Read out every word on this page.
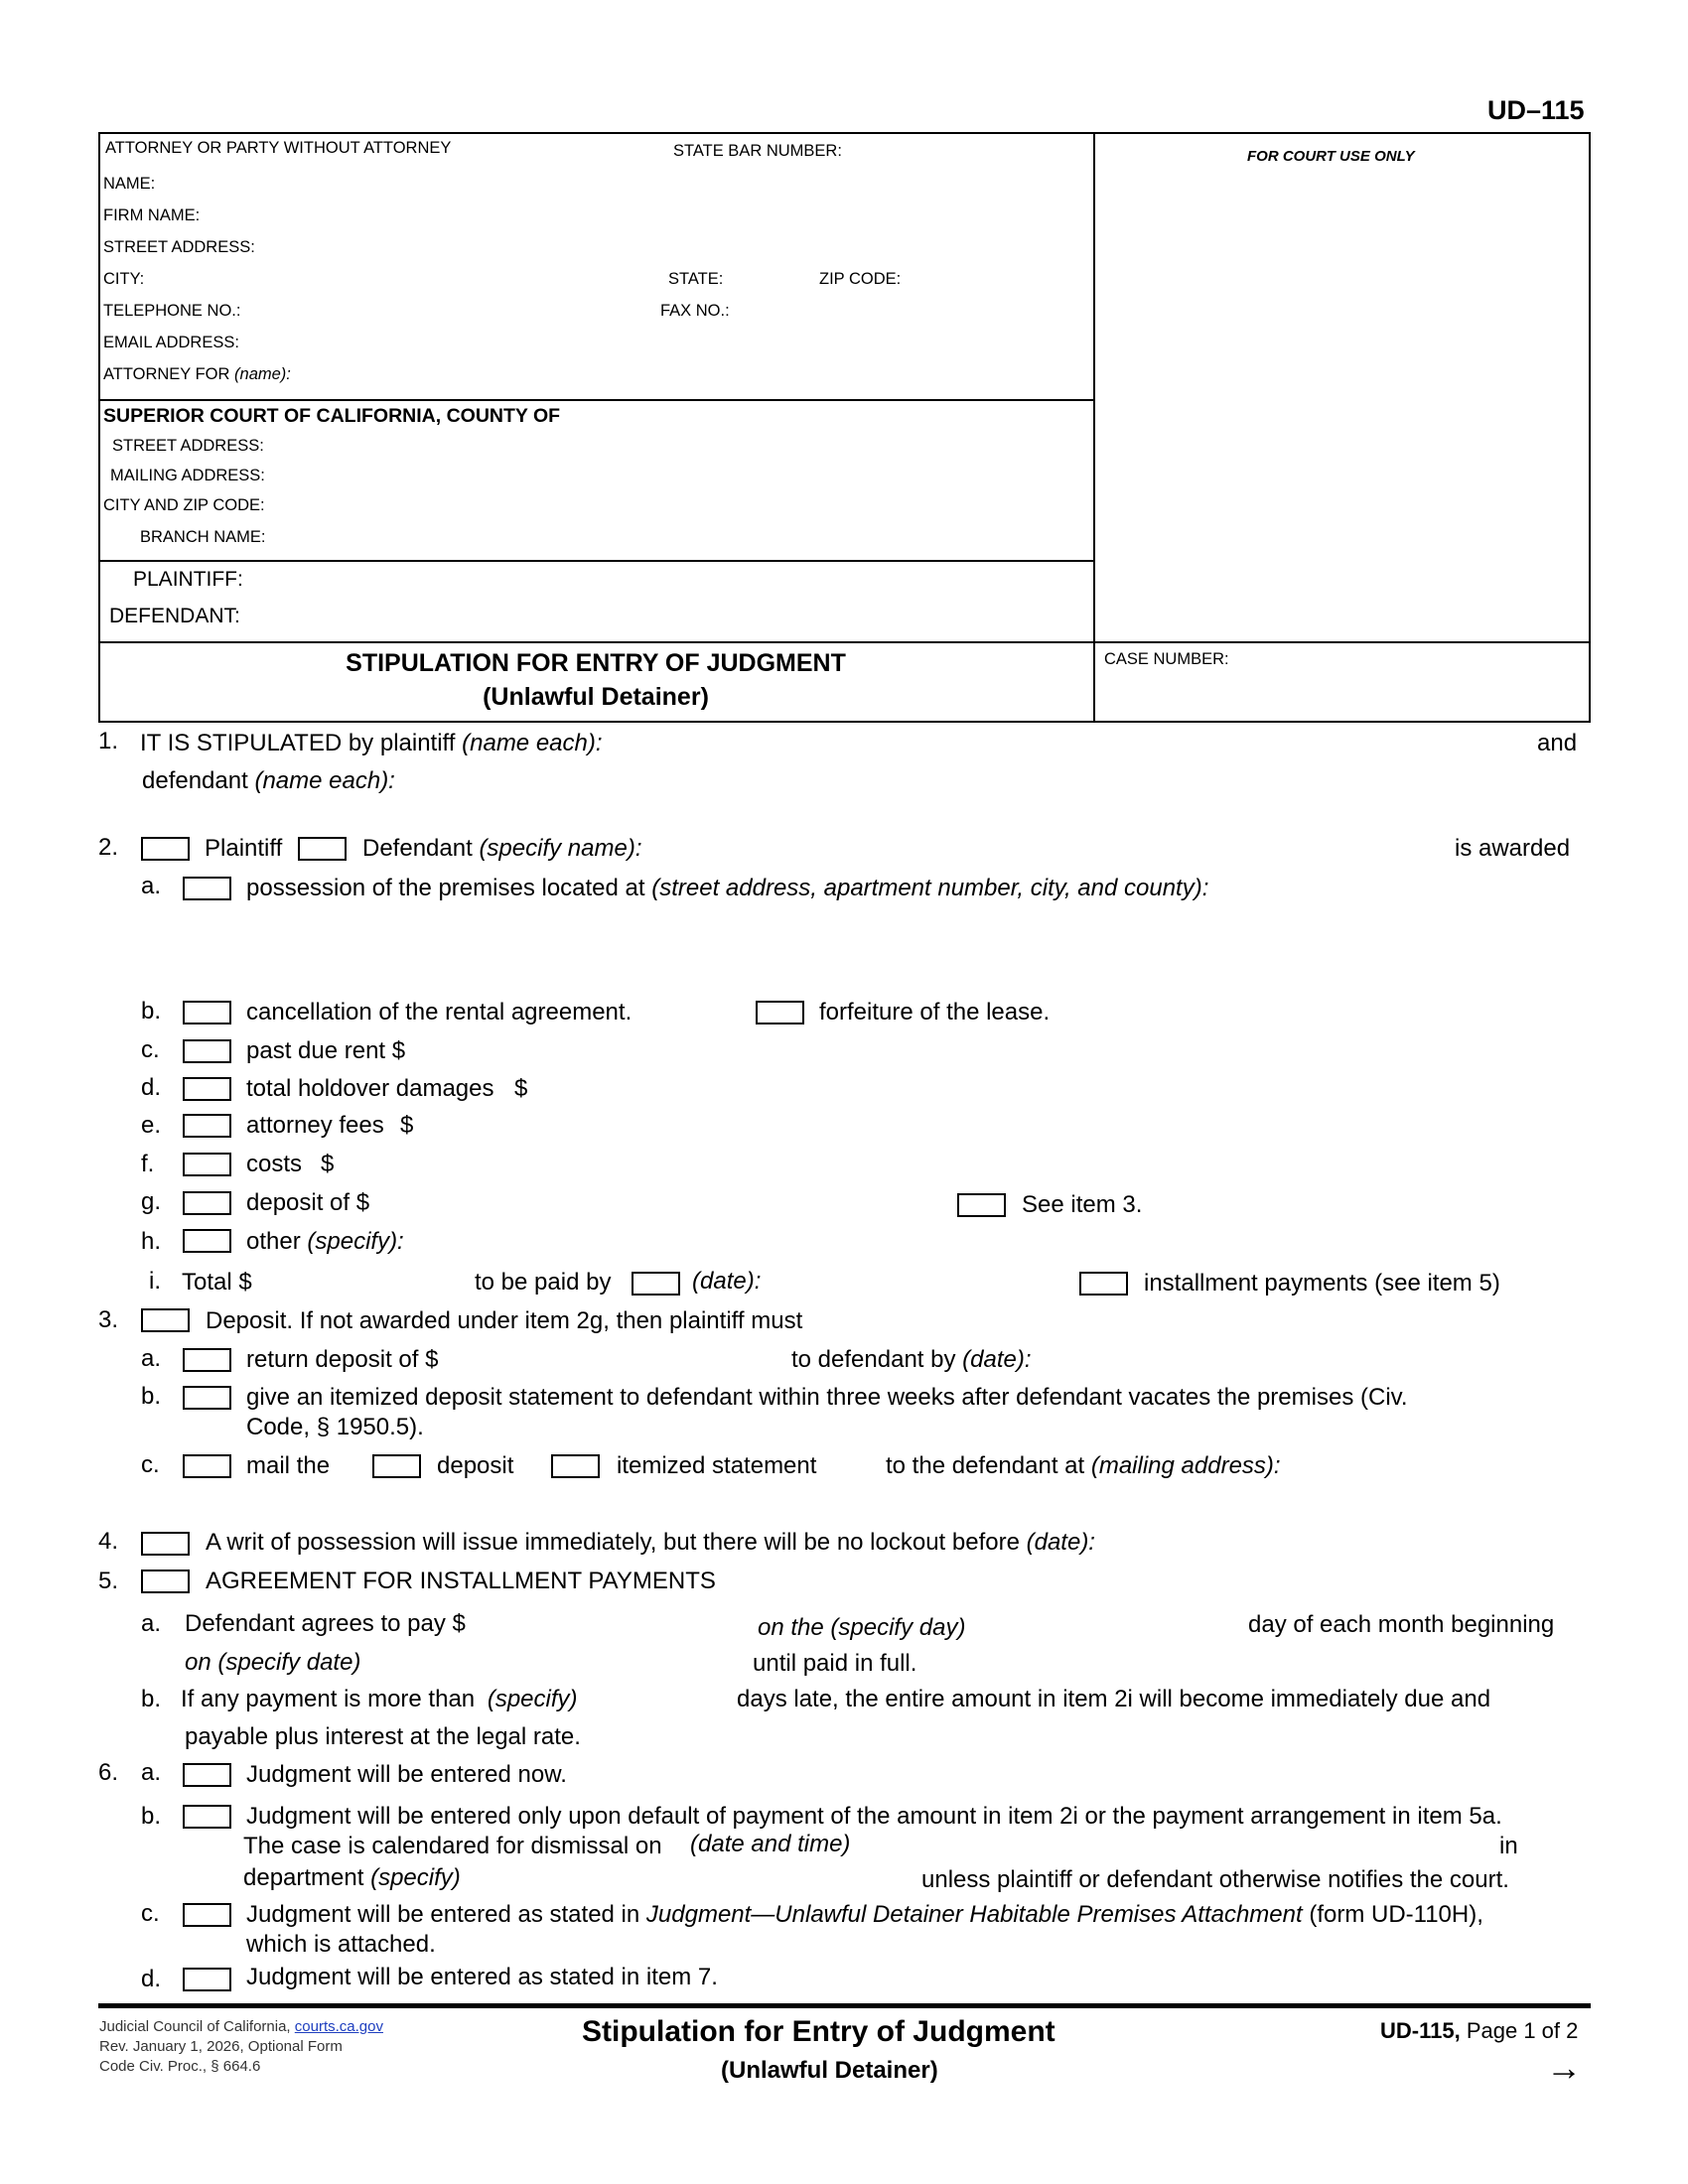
UD–115
ATTORNEY OR PARTY WITHOUT ATTORNEY	STATE BAR NUMBER:	FOR COURT USE ONLY
NAME:
FIRM NAME:
STREET ADDRESS:
CITY:	STATE:	ZIP CODE:
TELEPHONE NO.:	FAX NO.:
EMAIL ADDRESS:
ATTORNEY FOR (name):
SUPERIOR COURT OF CALIFORNIA, COUNTY OF
STREET ADDRESS:
MAILING ADDRESS:
CITY AND ZIP CODE:
BRANCH NAME:
PLAINTIFF:
DEFENDANT:
STIPULATION FOR ENTRY OF JUDGMENT
(Unlawful Detainer)
CASE NUMBER:
1. IT IS STIPULATED by plaintiff (name each):	and
defendant (name each):
2.	Plaintiff	Defendant (specify name):	is awarded
a.	possession of the premises located at (street address, apartment number, city, and county):
b.	cancellation of the rental agreement.	forfeiture of the lease.
c.	past due rent $
d.	total holdover damages $
e.	attorney fees $
f.	costs $
g.	deposit of $	See item 3.
h.	other (specify):
i. Total $	to be paid by	(date):	installment payments (see item 5)
3.	Deposit. If not awarded under item 2g, then plaintiff must
a.	return deposit of $	to defendant by (date):
b.	give an itemized deposit statement to defendant within three weeks after defendant vacates the premises (Civ.
Code, § 1950.5).
c.	mail the	deposit	itemized statement	to the defendant at (mailing address):
4.	A writ of possession will issue immediately, but there will be no lockout before (date):
5.	AGREEMENT FOR INSTALLMENT PAYMENTS
a. Defendant agrees to pay $	on the (specify day)	day of each month beginning
on (specify date)	until paid in full.
b. If any payment is more than (specify)	days late, the entire amount in item 2i will become immediately due and
payable plus interest at the legal rate.
6. a.	Judgment will be entered now.
b.	Judgment will be entered only upon default of payment of the amount in item 2i or the payment arrangement in item 5a.
The case is calendared for dismissal on (date and time)	in
department (specify)	unless plaintiff or defendant otherwise notifies the court.
c.	Judgment will be entered as stated in Judgment—Unlawful Detainer Habitable Premises Attachment (form UD-110H),
which is attached.
d.	Judgment will be entered as stated in item 7.
Judicial Council of California, courts.ca.gov
Rev. January 1, 2026, Optional Form
Code Civ. Proc., § 664.6
Stipulation for Entry of Judgment
(Unlawful Detainer)
UD-115, Page 1 of 2
→
